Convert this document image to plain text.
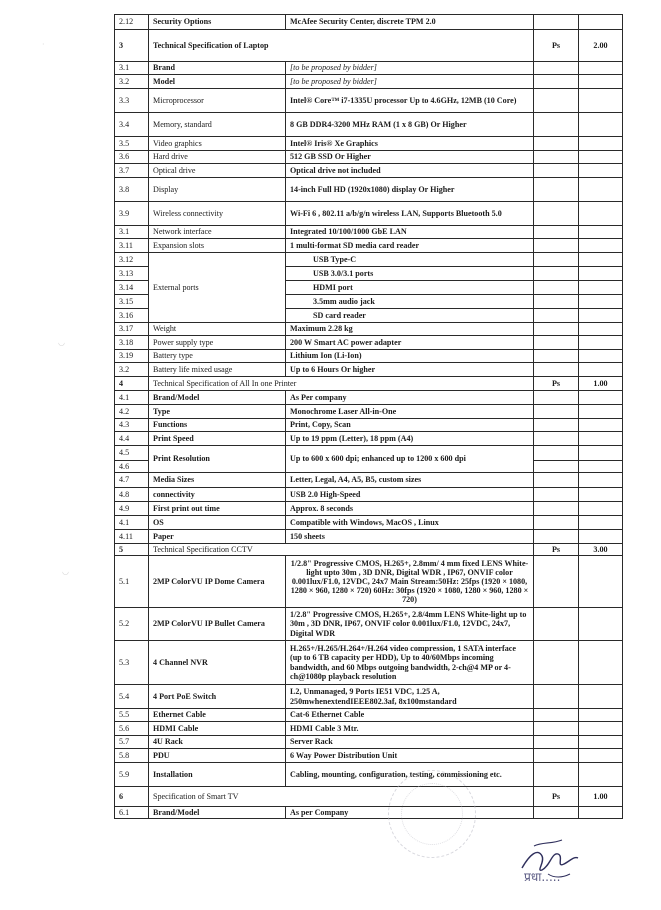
2.12	Security Options	McAfee Security Center, discrete TPM 2.0		
3	Technical Specification of Laptop		Ps	2.00
3.1	Brand	[to be proposed by bidder]		
3.2	Model	[to be proposed by bidder]		
3.3	Microprocessor	Intel® Core™ i7-1335U processor Up to 4.6GHz, 12MB (10 Core)		
3.4	Memory, standard	8 GB DDR4-3200 MHz RAM (1 x 8 GB) Or Higher		
3.5	Video graphics	Intel® Iris® Xe Graphics		
3.6	Hard drive	512 GB SSD Or Higher		
3.7	Optical drive	Optical drive not included		
3.8	Display	14-inch Full HD (1920x1080) display Or Higher		
3.9	Wireless connectivity	Wi-Fi 6 , 802.11 a/b/g/n wireless LAN, Supports Bluetooth 5.0		
3.1	Network interface	Integrated 10/100/1000 GbE LAN		
3.11	Expansion slots	1 multi-format SD media card reader		
3.12	External ports	USB Type-C		
3.13		USB 3.0/3.1 ports		
3.14		HDMI port		
3.15		3.5mm audio jack		
3.16		SD card reader		
3.17	Weight	Maximum 2.28 kg		
3.18	Power supply type	200 W Smart AC power adapter		
3.19	Battery type	Lithium Ion (Li-Ion)		
3.2	Battery life mixed usage	Up to 6 Hours Or higher		
4	Technical Specification of All In one Printer		Ps	1.00
4.1	Brand/Model	As Per company		
4.2	Type	Monochrome Laser All-in-One		
4.3	Functions	Print, Copy, Scan		
4.4	Print Speed	Up to 19 ppm (Letter), 18 ppm (A4)		
4.5	Print Resolution	Up to 600 x 600 dpi; enhanced up to 1200 x 600 dpi		
4.6				
4.7	Media Sizes	Letter, Legal, A4, A5, B5, custom sizes		
4.8	connectivity	USB 2.0 High-Speed		
4.9	First print out time	Approx. 8 seconds		
4.1	OS	Compatible with Windows, MacOS , Linux		
4.11	Paper	150 sheets		
5	Technical Specification CCTV		Ps	3.00
5.1	2MP ColorVU IP Dome Camera	1/2.8" Progressive CMOS, H.265+, 2.8mm/ 4 mm fixed LENS White-light upto 30m , 3D DNR, Digital WDR , IP67, ONVIF color 0.001lux/F1.0, 12VDC, 24x7 Main Stream:50Hz: 25fps (1920 × 1080, 1280 × 960, 1280 × 720) 60Hz: 30fps (1920 × 1080, 1280 × 960, 1280 × 720)		
5.2	2MP ColorVU IP Bullet Camera	1/2.8" Progressive CMOS, H.265+, 2.8/4mm LENS White-light up to 30m , 3D DNR, IP67, ONVIF color 0.001lux/F1.0, 12VDC, 24x7, Digital WDR		
5.3	4 Channel NVR	H.265+/H.265/H.264+/H.264 video compression, 1 SATA interface (up to 6 TB capacity per HDD), Up to 40/60Mbps incoming bandwidth, and 60 Mbps outgoing bandwidth, 2-ch@4 MP or 4-ch@1080p playback resolution		
5.4	4 Port PoE Switch	L2, Unmanaged, 9 Ports IE51 VDC, 1.25 A, 250mwhenextendIEEE802.3af, 8x100mstandard		
5.5	Ethernet Cable	Cat-6 Ethernet Cable		
5.6	HDMI Cable	HDMI Cable 3 Mtr.		
5.7	4U Rack	Server Rack		
5.8	PDU	6 Way Power Distribution Unit		
5.9	Installation	Cabling, mounting, configuration, testing, commissioning etc.		
6	Specification of Smart TV		Ps	1.00
6.1	Brand/Model	As per Company		
·
◡
◡
प्रधा.....
